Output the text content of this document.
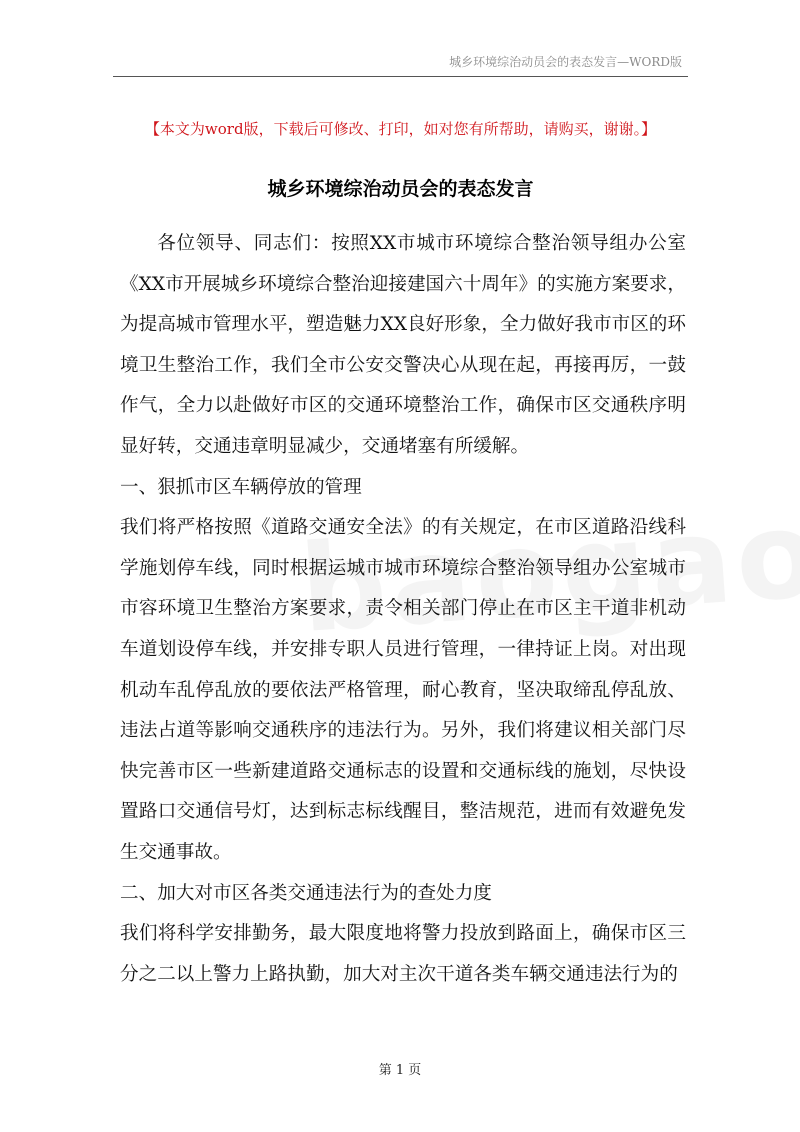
城乡环境综治动员会的表态发言—WORD版
【本文为word版，下载后可修改、打印，如对您有所帮助，请购买，谢谢。】
城乡环境综治动员会的表态发言

各位领导、同志们：按照XX市城市环境综合整治领导组办公室《XX市开展城乡环境综合整治迎接建国六十周年》的实施方案要求，为提高城市管理水平，塑造魅力XX良好形象，全力做好我市市区的环境卫生整治工作，我们全市公安交警决心从现在起，再接再厉，一鼓作气，全力以赴做好市区的交通环境整治工作，确保市区交通秩序明显好转，交通违章明显减少，交通堵塞有所缓解。

一、狠抓市区车辆停放的管理

我们将严格按照《道路交通安全法》的有关规定，在市区道路沿线科学施划停车线，同时根据运城市城市环境综合整治领导组办公室城市市容环境卫生整治方案要求，责令相关部门停止在市区主干道非机动车道划设停车线，并安排专职人员进行管理，一律持证上岗。对出现机动车乱停乱放的要依法严格管理，耐心教育，坚决取缔乱停乱放、违法占道等影响交通秩序的违法行为。另外，我们将建议相关部门尽快完善市区一些新建道路交通标志的设置和交通标线的施划，尽快设置路口交通信号灯，达到标志标线醒目，整洁规范，进而有效避免发生交通事故。

二、加大对市区各类交通违法行为的查处力度

我们将科学安排勤务，最大限度地将警力投放到路面上，确保市区三分之二以上警力上路执勤，加大对主次干道各类车辆交通违法行为的

第 1 页
